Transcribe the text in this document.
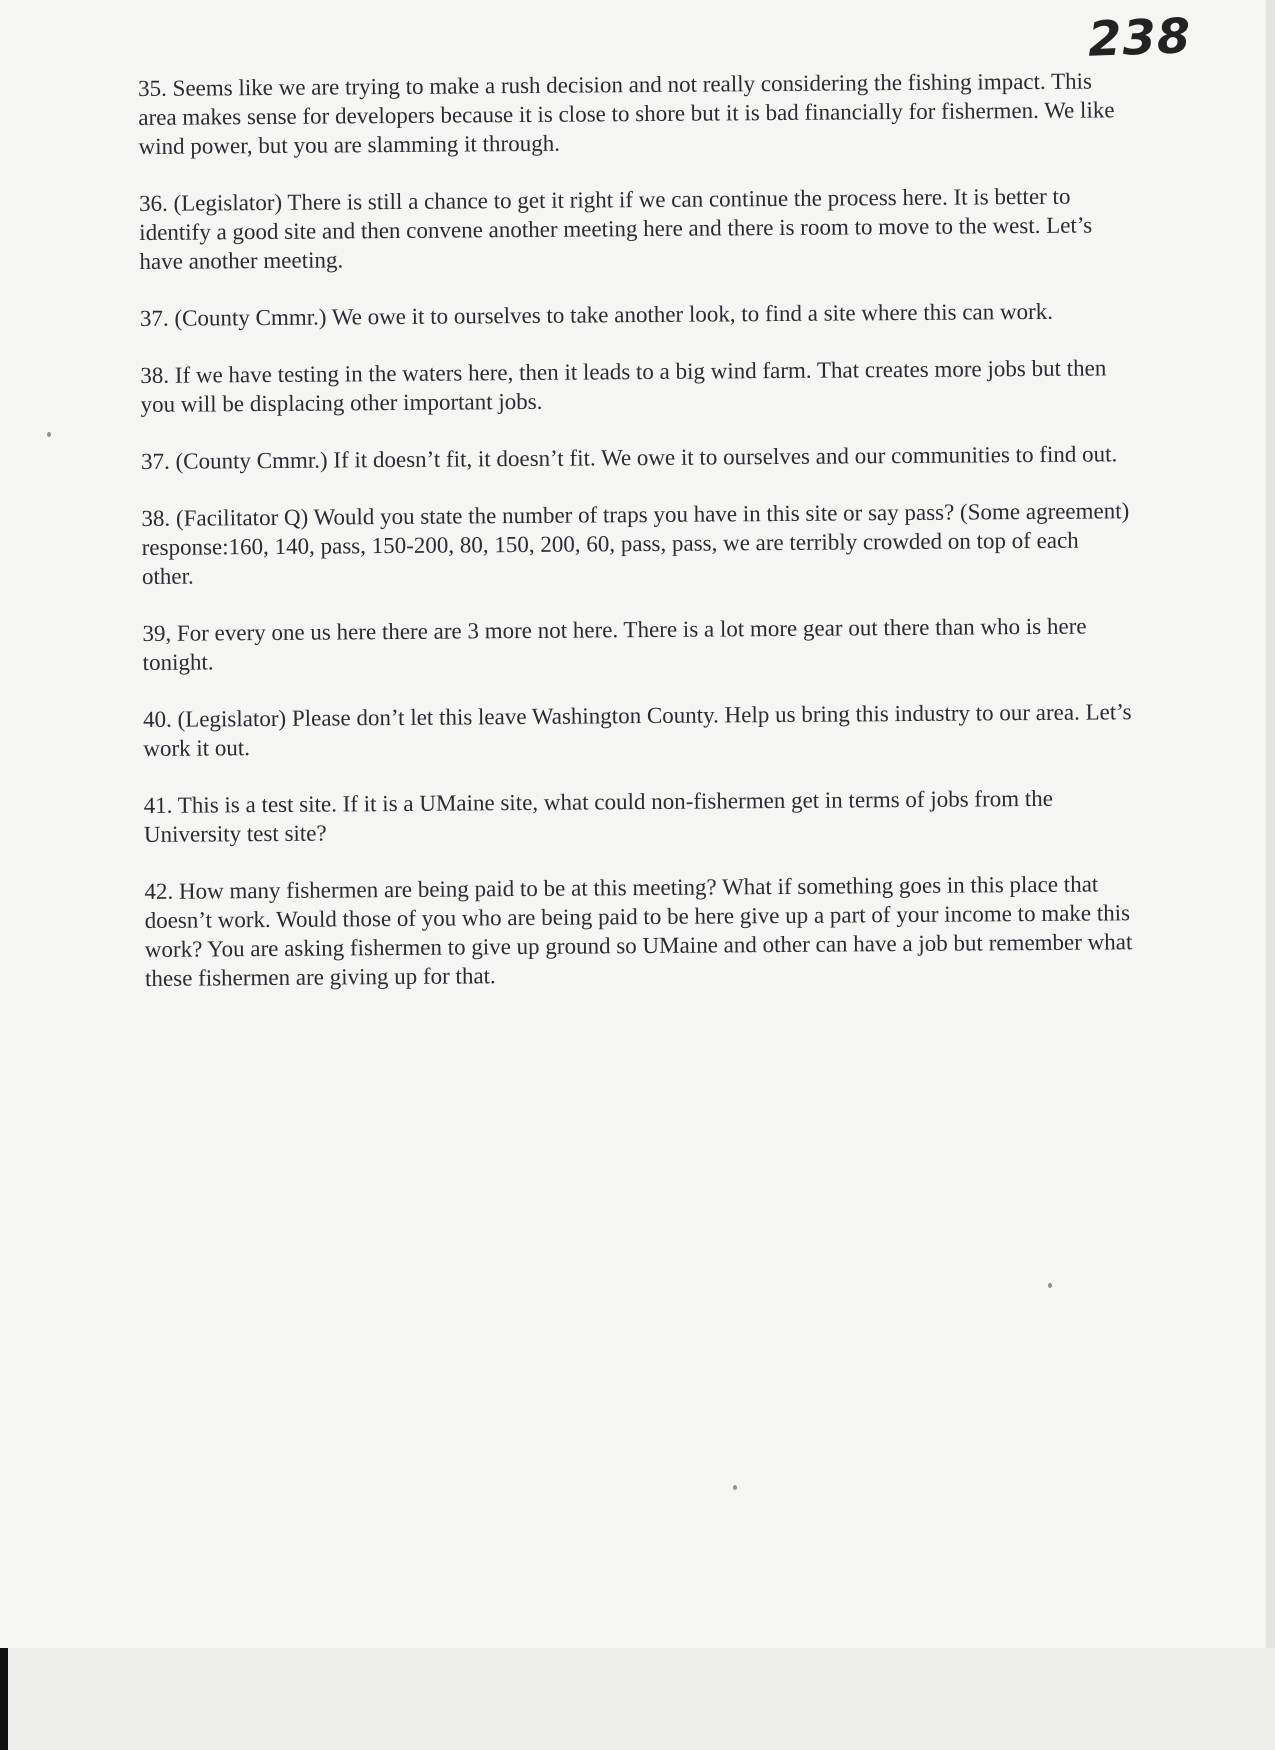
238

35. Seems like we are trying to make a rush decision and not really considering the fishing impact. This area makes sense for developers because it is close to shore but it is bad financially for fishermen. We like wind power, but you are slamming it through.

36. (Legislator) There is still a chance to get it right if we can continue the process here. It is better to identify a good site and then convene another meeting here and there is room to move to the west. Let’s have another meeting.

37. (County Cmmr.) We owe it to ourselves to take another look, to find a site where this can work.

38. If we have testing in the waters here, then it leads to a big wind farm. That creates more jobs but then you will be displacing other important jobs.

37. (County Cmmr.) If it doesn’t fit, it doesn’t fit. We owe it to ourselves and our communities to find out.

38. (Facilitator Q) Would you state the number of traps you have in this site or say pass? (Some agreement) response:160, 140, pass, 150-200, 80, 150, 200, 60, pass, pass, we are terribly crowded on top of each other.

39, For every one us here there are 3 more not here. There is a lot more gear out there than who is here tonight.

40. (Legislator) Please don’t let this leave Washington County. Help us bring this industry to our area. Let’s work it out.

41. This is a test site. If it is a UMaine site, what could non-fishermen get in terms of jobs from the University test site?

42. How many fishermen are being paid to be at this meeting? What if something goes in this place that doesn’t work. Would those of you who are being paid to be here give up a part of your income to make this work? You are asking fishermen to give up ground so UMaine and other can have a job but remember what these fishermen are giving up for that.
